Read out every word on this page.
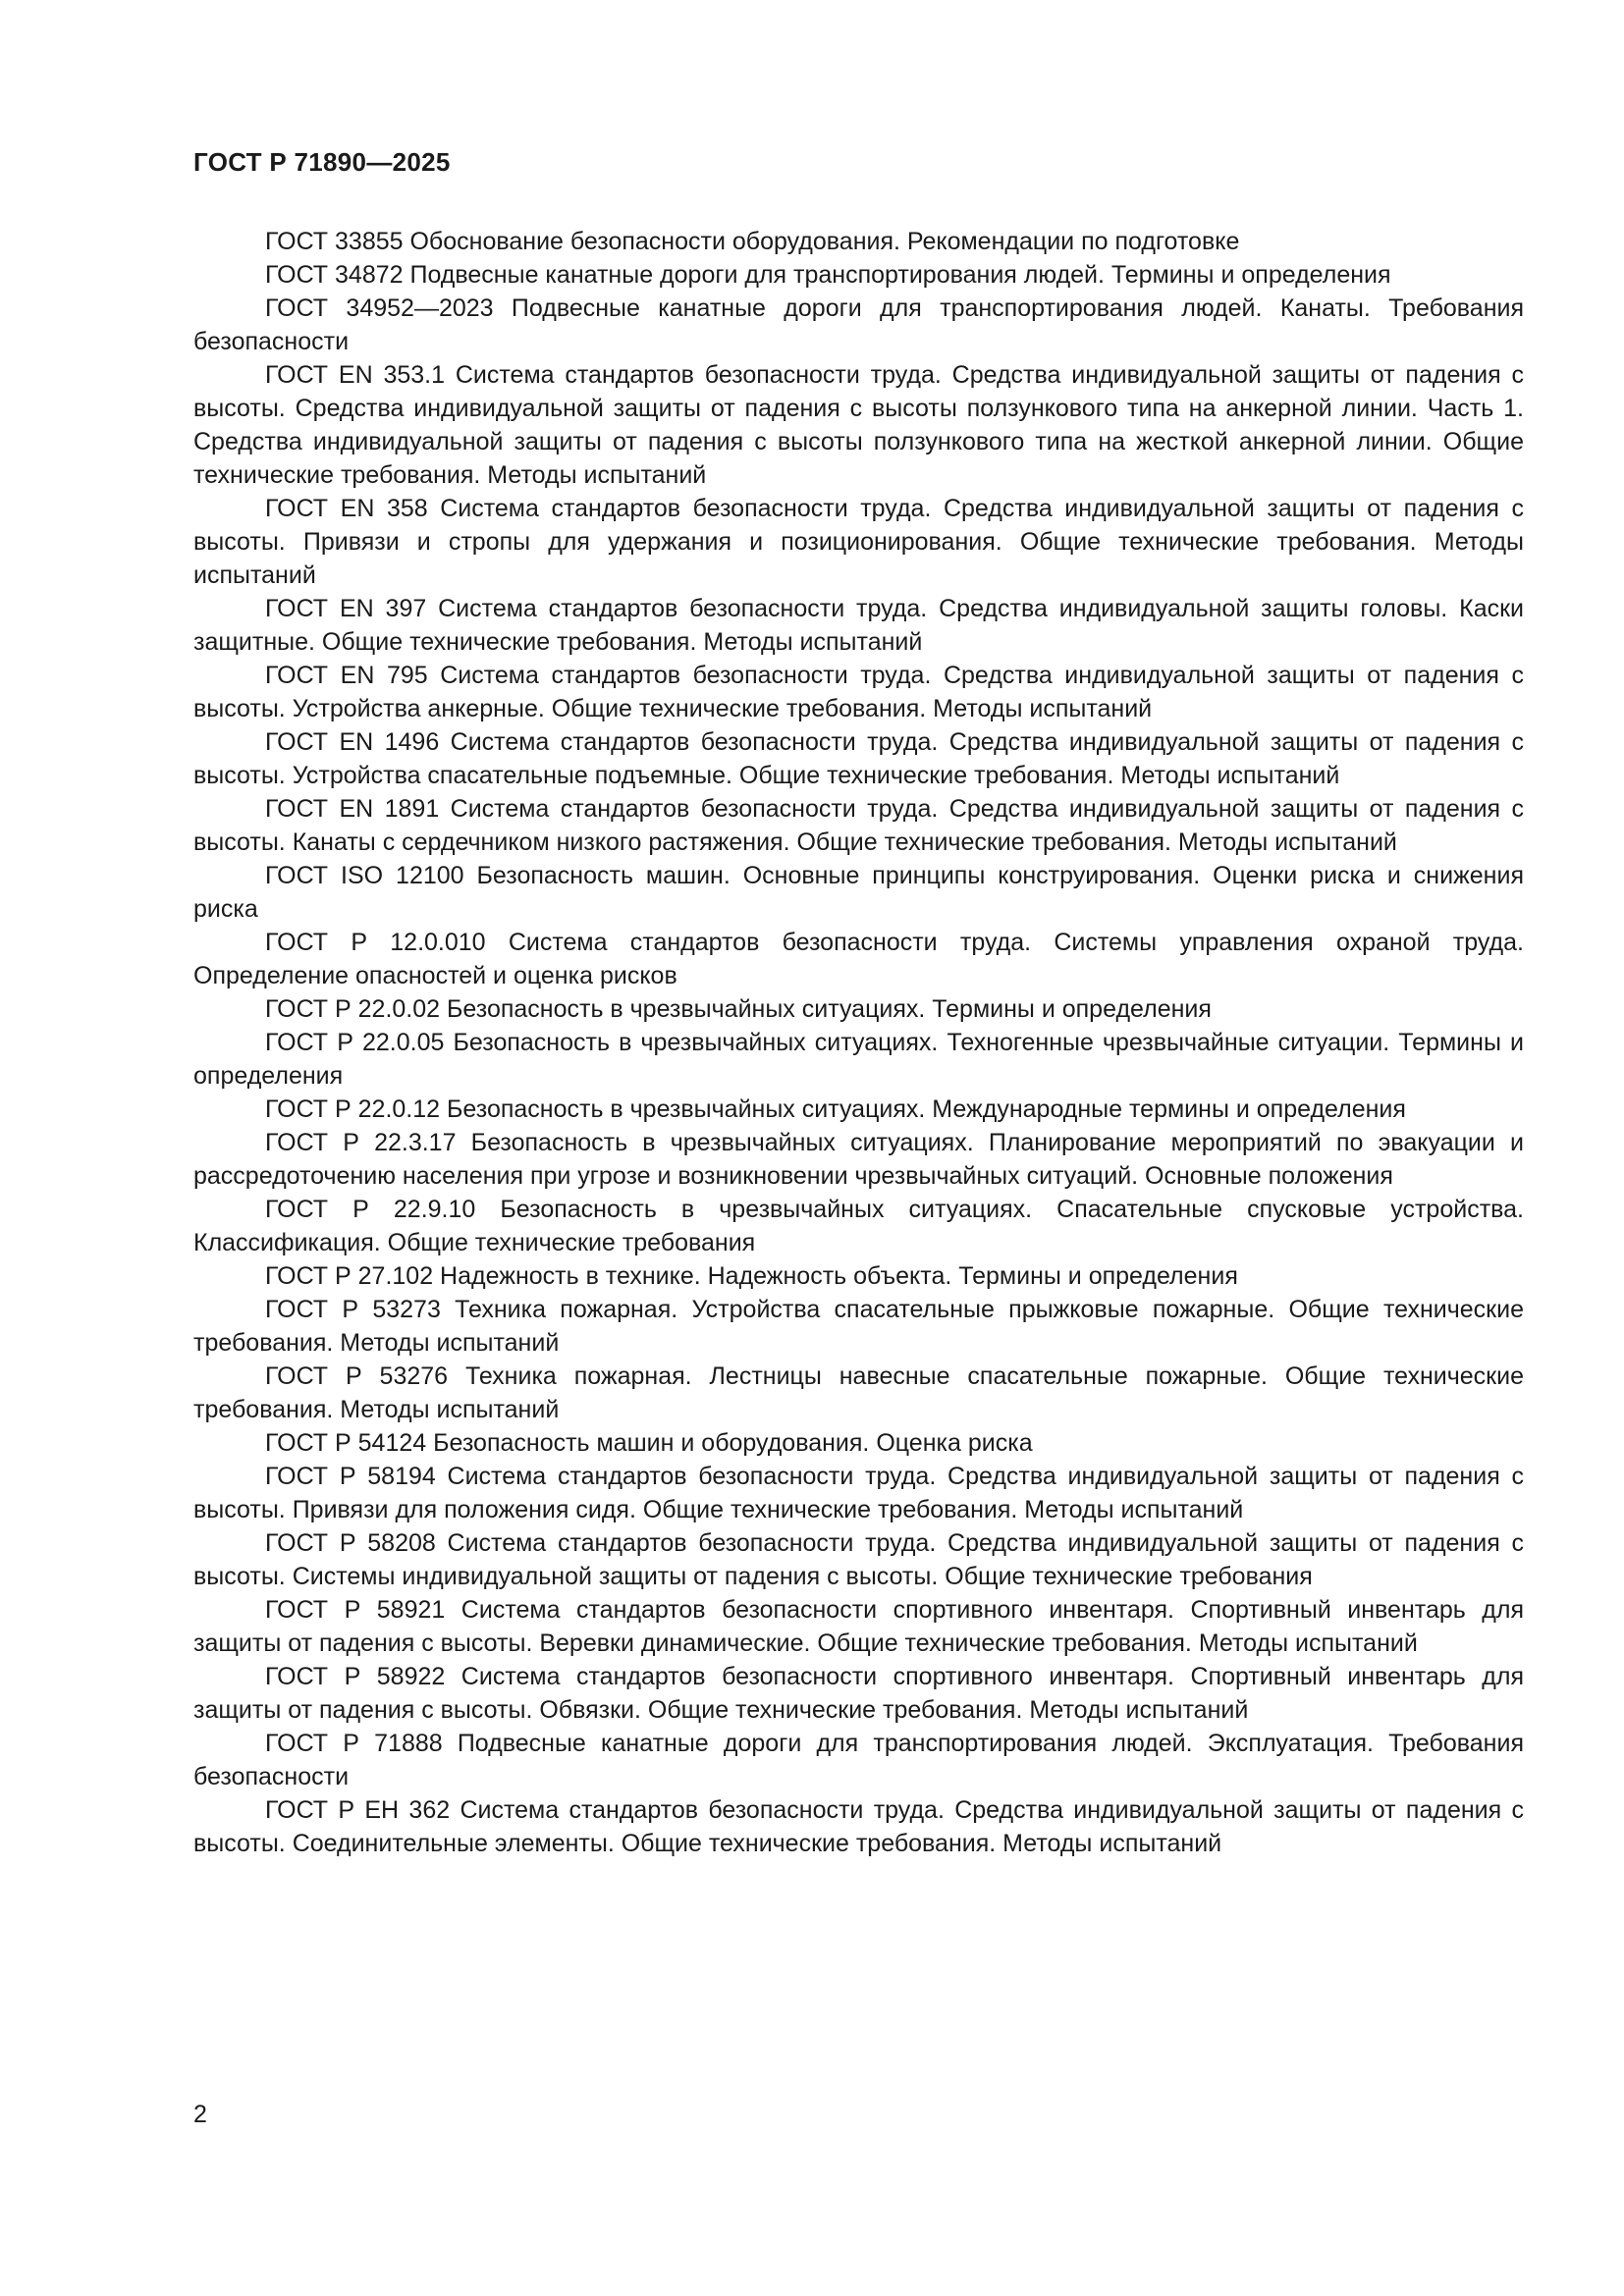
ГОСТ Р 71890—2025

ГОСТ 33855 Обоснование безопасности оборудования. Рекомендации по подготовке

ГОСТ 34872 Подвесные канатные дороги для транспортирования людей. Термины и определения

ГОСТ 34952—2023 Подвесные канатные дороги для транспортирования людей. Канаты. Требования безопасности

ГОСТ EN 353.1 Система стандартов безопасности труда. Средства индивидуальной защиты от падения с высоты. Средства индивидуальной защиты от падения с высоты ползункового типа на анкерной линии. Часть 1. Средства индивидуальной защиты от падения с высоты ползункового типа на жесткой анкерной линии. Общие технические требования. Методы испытаний

ГОСТ EN 358 Система стандартов безопасности труда. Средства индивидуальной защиты от падения с высоты. Привязи и стропы для удержания и позиционирования. Общие технические требования. Методы испытаний

ГОСТ EN 397 Система стандартов безопасности труда. Средства индивидуальной защиты головы. Каски защитные. Общие технические требования. Методы испытаний

ГОСТ EN 795 Система стандартов безопасности труда. Средства индивидуальной защиты от падения с высоты. Устройства анкерные. Общие технические требования. Методы испытаний

ГОСТ EN 1496 Система стандартов безопасности труда. Средства индивидуальной защиты от падения с высоты. Устройства спасательные подъемные. Общие технические требования. Методы испытаний

ГОСТ EN 1891 Система стандартов безопасности труда. Средства индивидуальной защиты от падения с высоты. Канаты с сердечником низкого растяжения. Общие технические требования. Методы испытаний

ГОСТ ISO 12100 Безопасность машин. Основные принципы конструирования. Оценки риска и снижения риска

ГОСТ Р 12.0.010 Система стандартов безопасности труда. Системы управления охраной труда. Определение опасностей и оценка рисков

ГОСТ Р 22.0.02 Безопасность в чрезвычайных ситуациях. Термины и определения

ГОСТ Р 22.0.05 Безопасность в чрезвычайных ситуациях. Техногенные чрезвычайные ситуации. Термины и определения

ГОСТ Р 22.0.12 Безопасность в чрезвычайных ситуациях. Международные термины и определения

ГОСТ Р 22.3.17 Безопасность в чрезвычайных ситуациях. Планирование мероприятий по эвакуации и рассредоточению населения при угрозе и возникновении чрезвычайных ситуаций. Основные положения

ГОСТ Р 22.9.10 Безопасность в чрезвычайных ситуациях. Спасательные спусковые устройства. Классификация. Общие технические требования

ГОСТ Р 27.102 Надежность в технике. Надежность объекта. Термины и определения

ГОСТ Р 53273 Техника пожарная. Устройства спасательные прыжковые пожарные. Общие технические требования. Методы испытаний

ГОСТ Р 53276 Техника пожарная. Лестницы навесные спасательные пожарные. Общие технические требования. Методы испытаний

ГОСТ Р 54124 Безопасность машин и оборудования. Оценка риска

ГОСТ Р 58194 Система стандартов безопасности труда. Средства индивидуальной защиты от падения с высоты. Привязи для положения сидя. Общие технические требования. Методы испытаний

ГОСТ Р 58208 Система стандартов безопасности труда. Средства индивидуальной защиты от падения с высоты. Системы индивидуальной защиты от падения с высоты. Общие технические требования

ГОСТ Р 58921 Система стандартов безопасности спортивного инвентаря. Спортивный инвентарь для защиты от падения с высоты. Веревки динамические. Общие технические требования. Методы испытаний

ГОСТ Р 58922 Система стандартов безопасности спортивного инвентаря. Спортивный инвентарь для защиты от падения с высоты. Обвязки. Общие технические требования. Методы испытаний

ГОСТ Р 71888 Подвесные канатные дороги для транспортирования людей. Эксплуатация. Требования безопасности

ГОСТ Р ЕН 362 Система стандартов безопасности труда. Средства индивидуальной защиты от падения с высоты. Соединительные элементы. Общие технические требования. Методы испытаний

2
